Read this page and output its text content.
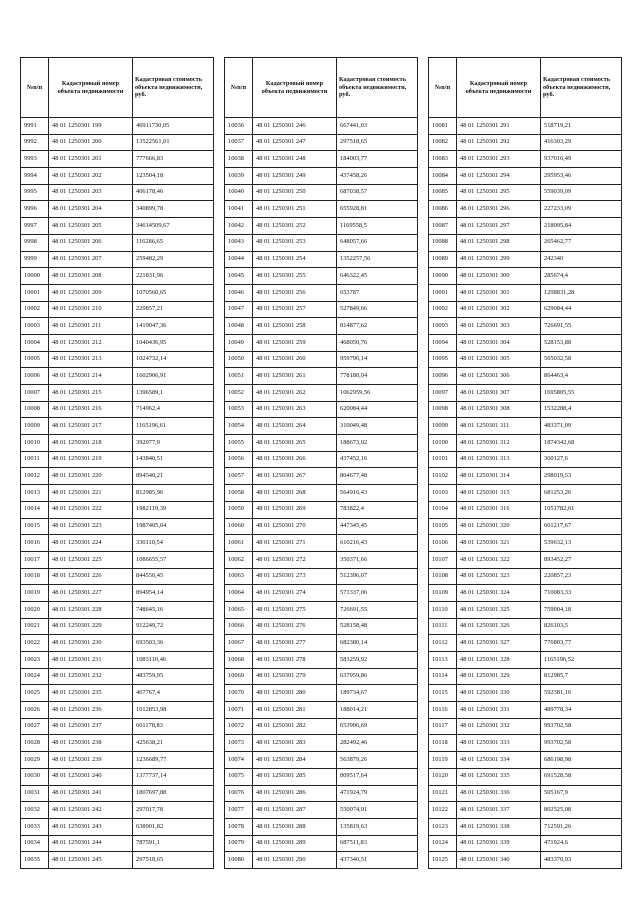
№п/п	Кадастровый номер объекта недвижимости	Кадастровая стоимость объекта недвижимости, руб.
9991	48 01 1250301 199	46911730,05
9992	48 01 1250301 200	13522561,01
9993	48 01 1250301 201	777666,83
9994	48 01 1250301 202	123504,18
9995	48 01 1250301 203	406178,46
9996	48 01 1250301 204	340899,78
9997	48 01 1250301 205	34614509,67
9998	48 01 1250301 206	116286,65
9999	48 01 1250301 207	259482,29
10000	48 01 1250301 208	221831,96
10001	48 01 1250301 209	1070560,65
10002	48 01 1250301 210	229857,21
10003	48 01 1250301 211	1419047,36
10004	48 01 1250301 212	1040436,95
10005	48 01 1250301 213	1024732,14
10006	48 01 1250301 214	1602906,91
10007	48 01 1250301 215	1396589,1
10008	48 01 1250301 216	714962,4
10009	48 01 1250301 217	1165196,61
10010	48 01 1250301 218	392977,9
10011	48 01 1250301 219	143840,51
10012	48 01 1250301 220	894540,21
10013	48 01 1250301 221	812985,96
10014	48 01 1250301 222	1982119,39
10015	48 01 1250301 223	1987405,04
10016	48 01 1250301 224	330110,54
10017	48 01 1250301 225	1086655,57
10018	48 01 1250301 226	844550,45
10019	48 01 1250301 227	894954,14
10020	48 01 1250301 228	748645,16
10021	48 01 1250301 229	912249,72
10022	48 01 1250301 230	693503,36
10023	48 01 1250301 231	1083110,46
10024	48 01 1250301 232	483759,95
10025	48 01 1250301 235	467767,4
10026	48 01 1250301 236	1012853,98
10027	48 01 1250301 237	601178,83
10028	48 01 1250301 238	425638,21
10029	48 01 1250301 239	1236689,77
10030	48 01 1250301 240	1377737,14
10031	48 01 1250301 241	1807697,88
10032	48 01 1250301 242	297017,78
10033	48 01 1250301 243	638901,82
10034	48 01 1250301 244	787591,1
10035	48 01 1250301 245	297518,65
№п/п	Кадастровый номер объекта недвижимости	Кадастровая стоимость объекта недвижимости, руб.
10036	48 01 1250301 246	667441,03
10037	48 01 1250301 247	297518,65
10038	48 01 1250301 248	184003,77
10039	48 01 1250301 249	437458,26
10040	48 01 1250301 250	687038,57
10041	48 01 1250301 251	655928,81
10042	48 01 1250301 252	1169558,5
10043	48 01 1250301 253	648057,66
10044	48 01 1250301 254	1352257,56
10045	48 01 1250301 255	646322,45
10046	48 01 1250301 256	653787
10047	48 01 1250301 257	527849,66
10048	48 01 1250301 258	814877,62
10049	48 01 1250301 259	468050,76
10050	48 01 1250301 260	959796,14
10051	48 01 1250301 261	778180,04
10052	48 01 1250301 262	1062959,56
10053	48 01 1250301 263	620084,44
10054	48 01 1250301 264	310049,48
10055	48 01 1250301 265	188673,92
10056	48 01 1250301 266	437452,16
10057	48 01 1250301 267	804677,48
10058	48 01 1250301 268	564916,43
10059	48 01 1250301 269	783822,4
10060	48 01 1250301 270	447345,45
10061	48 01 1250301 271	610216,43
10062	48 01 1250301 272	350371,66
10063	48 01 1250301 273	512396,07
10064	48 01 1250301 274	571337,06
10065	48 01 1250301 275	726691,55
10066	48 01 1250301 276	528158,48
10067	48 01 1250301 277	682380,14
10068	48 01 1250301 278	583259,92
10069	48 01 1250301 279	637959,86
10070	48 01 1250301 280	189734,67
10071	48 01 1250301 281	188014,21
10072	48 01 1250301 282	653996,69
10073	48 01 1250301 283	282492,46
10074	48 01 1250301 284	563879,26
10075	48 01 1250301 285	809517,64
10076	48 01 1250301 286	471924,79
10077	48 01 1250301 287	550074,91
10078	48 01 1250301 288	135819,63
10079	48 01 1250301 289	687511,83
10080	48 01 1250301 290	437340,51
№п/п	Кадастровый номер объекта недвижимости	Кадастровая стоимость объекта недвижимости, руб.
10081	48 01 1250301 291	518719,21
10082	48 01 1250301 292	416303,29
10083	48 01 1250301 293	937016,49
10084	48 01 1250301 294	295953,46
10085	48 01 1250301 295	559039,09
10086	48 01 1250301 296	227233,09
10087	48 01 1250301 297	218095,84
10088	48 01 1250301 298	265462,77
10089	48 01 1250301 299	242340
10090	48 01 1250301 300	285674,4
10091	48 01 1250301 301	1298831,28
10092	48 01 1250301 302	629084,44
10093	48 01 1250301 303	726691,55
10094	48 01 1250301 304	528153,88
10095	48 01 1250301 305	565032,58
10096	48 01 1250301 306	864463,4
10097	48 01 1250301 307	1695805,55
10098	48 01 1250301 308	1532288,4
10099	48 01 1250301 311	483371,09
10100	48 01 1250301 312	1874342,68
10101	48 01 1250301 313	360127,6
10102	48 01 1250301 314	298019,53
10103	48 01 1250301 315	681253,26
10104	48 01 1250301 316	1051782,61
10105	48 01 1250301 320	601217,67
10106	48 01 1250301 321	539632,13
10107	48 01 1250301 322	893452,27
10108	48 01 1250301 323	220857,23
10109	48 01 1250301 324	710083,33
10110	48 01 1250301 325	759004,18
10111	48 01 1250301 326	826103,5
10112	48 01 1250301 327	776803,77
10113	48 01 1250301 328	1165196,52
10114	48 01 1250301 329	812985,7
10115	48 01 1250301 330	592381,16
10116	48 01 1250301 331	489778,34
10117	48 01 1250301 332	993702,58
10118	48 01 1250301 333	993702,58
10119	48 01 1250301 334	686198,98
10120	48 01 1250301 335	691528,58
10121	48 01 1250301 336	505167,9
10122	48 01 1250301 337	802525,08
10123	48 01 1250301 338	712591,26
10124	48 01 1250301 339	471924,6
10125	48 01 1250301 340	483370,93
